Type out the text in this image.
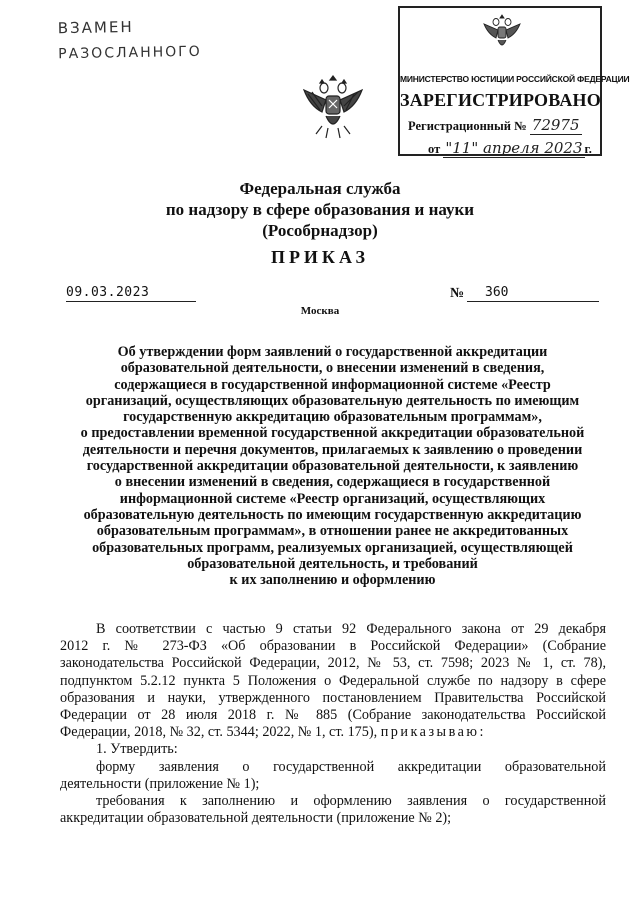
ВЗАМЕН
РАЗОСЛАННОГО
МИНИСТЕРСТВО ЮСТИЦИИ РОССИЙСКОЙ ФЕДЕРАЦИИ
ЗАРЕГИСТРИРОВАНО
Регистрационный № 72975
от "11" апреля 2023 г.
Федеральная служба
по надзору в сфере образования и науки
(Рособрнадзор)
ПРИКАЗ
09.03.2023	№	360
Москва
Об утверждении форм заявлений о государственной аккредитации
образовательной деятельности, о внесении изменений в сведения,
содержащиеся в государственной информационной системе «Реестр
организаций, осуществляющих образовательную деятельность по имеющим
государственную аккредитацию образовательным программам»,
о предоставлении временной государственной аккредитации образовательной
деятельности и перечня документов, прилагаемых к заявлению о проведении
государственной аккредитации образовательной деятельности, к заявлению
о внесении изменений в сведения, содержащиеся в государственной
информационной системе «Реестр организаций, осуществляющих
образовательную деятельность по имеющим государственную аккредитацию
образовательным программам», в отношении ранее не аккредитованных
образовательных программ, реализуемых организацией, осуществляющей
образовательной деятельность, и требований
к их заполнению и оформлению
В соответствии с частью 9 статьи 92 Федерального закона от 29 декабря
2012 г. № 273-ФЗ «Об образовании в Российской Федерации» (Собрание
законодательства Российской Федерации, 2012, № 53, ст. 7598; 2023 № 1, ст. 78),
подпунктом 5.2.12 пункта 5 Положения о Федеральной службе по надзору в сфере
образования и науки, утвержденного постановлением Правительства Российской
Федерации от 28 июля 2018 г. № 885 (Собрание законодательства Российской
Федерации, 2018, № 32, ст. 5344; 2022, № 1, ст. 175), приказываю:
1. Утвердить:
форму заявления о государственной аккредитации образовательной
деятельности (приложение № 1);
требования к заполнению и оформлению заявления о государственной
аккредитации образовательной деятельности (приложение № 2);
